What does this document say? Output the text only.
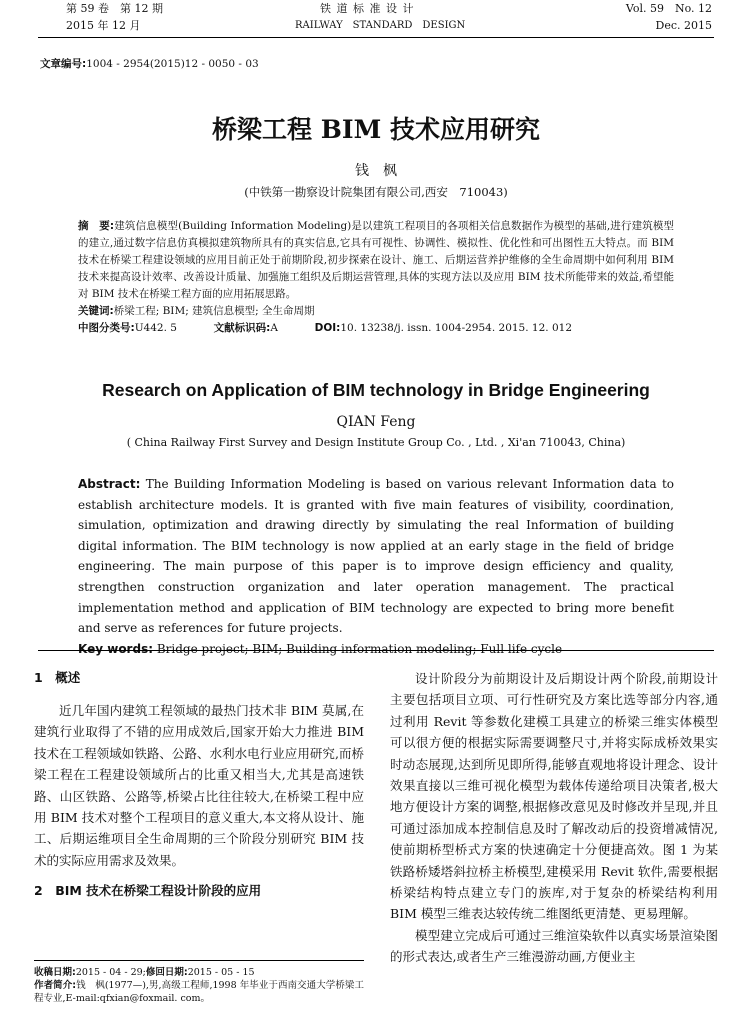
第 59 卷　第 12 期
2015 年 12 月
铁 道 标 准 设 计
RAILWAY　STANDARD　DESIGN
Vol. 59　No. 12
Dec. 2015
文章编号:1004 - 2954(2015)12 - 0050 - 03
桥梁工程 BIM 技术应用研究
钱　枫
(中铁第一勘察设计院集团有限公司,西安　710043)

摘　要:建筑信息模型(Building Information Modeling)是以建筑工程项目的各项相关信息数据作为模型的基础,进行建筑模型的建立,通过数字信息仿真模拟建筑物所具有的真实信息,它具有可视性、协调性、模拟性、优化性和可出图性五大特点。而 BIM 技术在桥梁工程建设领域的应用目前正处于前期阶段,初步探索在设计、施工、后期运营养护维修的全生命周期中如何利用 BIM 技术来提高设计效率、改善设计质量、加强施工组织及后期运营管理,具体的实现方法以及应用 BIM 技术所能带来的效益,希望能对 BIM 技术在桥梁工程方面的应用拓展思路。

关键词:桥梁工程; BIM; 建筑信息模型; 全生命周期

中图分类号:U442. 5	文献标识码:A	DOI:10. 13238/j. issn. 1004-2954. 2015. 12. 012

Research on Application of BIM technology in Bridge Engineering
QIAN Feng
( China Railway First Survey and Design Institute Group Co. , Ltd. , Xi'an 710043, China)

Abstract: The Building Information Modeling is based on various relevant Information data to establish architecture models. It is granted with five main features of visibility, coordination, simulation, optimization and drawing directly by simulating the real Information of building digital information. The BIM technology is now applied at an early stage in the field of bridge engineering. The main purpose of this paper is to improve design efficiency and quality, strengthen construction organization and later operation management. The practical implementation method and application of BIM technology are expected to bring more benefit and serve as references for future projects.

Key words: Bridge project; BIM; Building information modeling; Full life cycle

1　概述

近几年国内建筑工程领域的最热门技术非 BIM 莫属,在建筑行业取得了不错的应用成效后,国家开始大力推进 BIM 技术在工程领域如铁路、公路、水利水电行业应用研究,而桥梁工程在工程建设领域所占的比重又相当大,尤其是高速铁路、山区铁路、公路等,桥梁占比往往较大,在桥梁工程中应用 BIM 技术对整个工程项目的意义重大,本文将从设计、施工、后期运维项目全生命周期的三个阶段分别研究 BIM 技术的实际应用需求及效果。

2　BIM 技术在桥梁工程设计阶段的应用
收稿日期:2015 - 04 - 29;修回日期:2015 - 05 - 15
作者简介:钱　枫(1977—),男,高级工程师,1998 年毕业于西南交通大学桥梁工程专业,E-mail:qfxian@foxmail. com。

设计阶段分为前期设计及后期设计两个阶段,前期设计主要包括项目立项、可行性研究及方案比选等部分内容,通过利用 Revit 等参数化建模工具建立的桥梁三维实体模型可以很方便的根据实际需要调整尺寸,并将实际成桥效果实时动态展现,达到所见即所得,能够直观地将设计理念、设计效果直接以三维可视化模型为载体传递给项目决策者,极大地方便设计方案的调整,根据修改意见及时修改并呈现,并且可通过添加成本控制信息及时了解改动后的投资增减情况,使前期桥型桥式方案的快速确定十分便捷高效。图 1 为某铁路桥矮塔斜拉桥主桥模型,建模采用 Revit 软件,需要根据桥梁结构特点建立专门的族库,对于复杂的桥梁结构利用 BIM 模型三维表达较传统二维图纸更清楚、更易理解。

模型建立完成后可通过三维渲染软件以真实场景渲染图的形式表达,或者生产三维漫游动画,方便业主
